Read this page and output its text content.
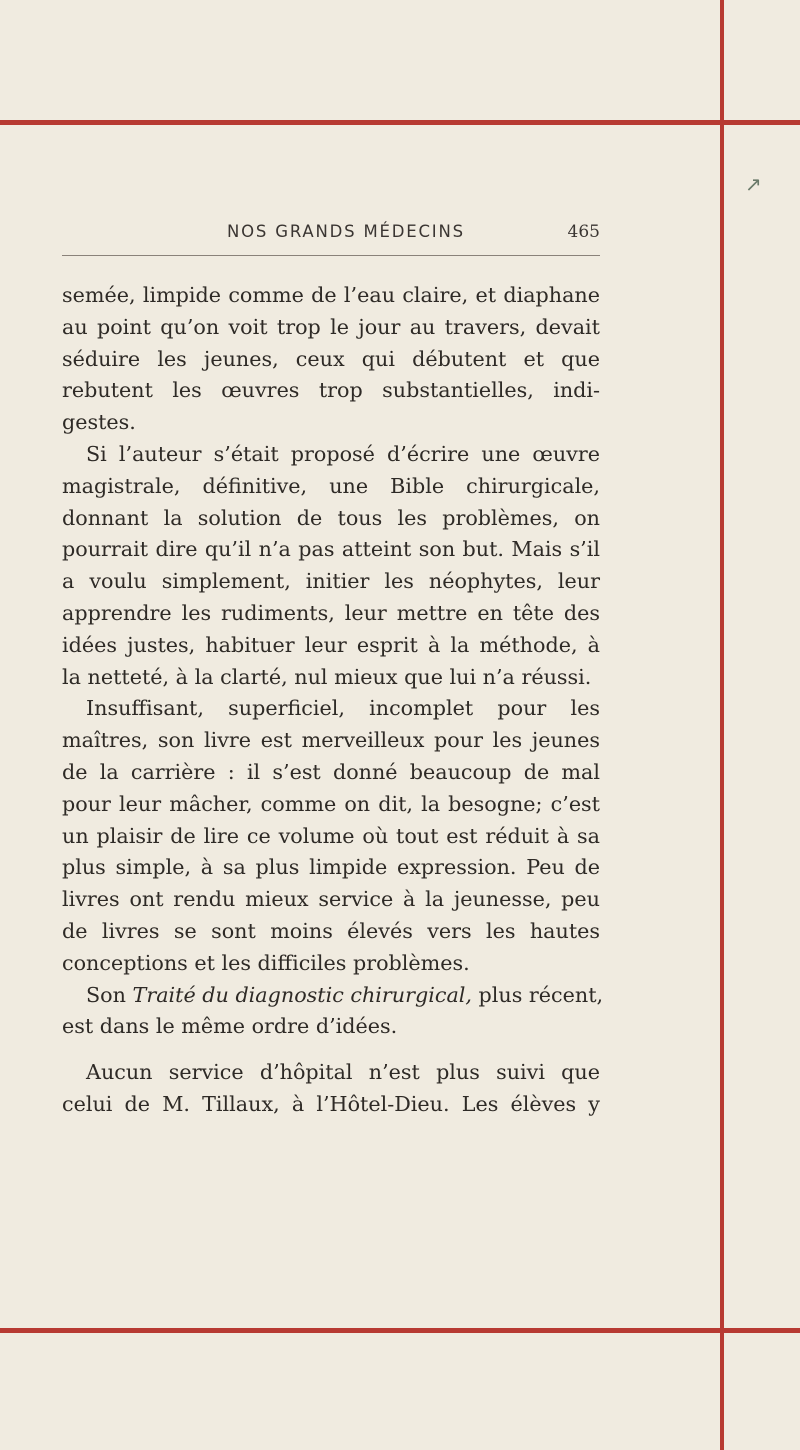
↗
NOS GRANDS MÉDECINS	465
semée, limpide comme de l’eau claire, et diaphane
au point qu’on voit trop le jour au travers, devait
séduire les jeunes, ceux qui débutent et que
rebutent les œuvres trop substantielles, indi-
gestes.
Si l’auteur s’était proposé d’écrire une œuvre
magistrale, définitive, une Bible chirurgicale,
donnant la solution de tous les problèmes, on
pourrait dire qu’il n’a pas atteint son but. Mais s’il
a voulu simplement, initier les néophytes, leur
apprendre les rudiments, leur mettre en tête des
idées justes, habituer leur esprit à la méthode, à
la netteté, à la clarté, nul mieux que lui n’a réussi.
Insuffisant, superficiel, incomplet pour les
maîtres, son livre est merveilleux pour les jeunes
de la carrière : il s’est donné beaucoup de mal
pour leur mâcher, comme on dit, la besogne; c’est
un plaisir de lire ce volume où tout est réduit à sa
plus simple, à sa plus limpide expression. Peu de
livres ont rendu mieux service à la jeunesse, peu
de livres se sont moins élevés vers les hautes
conceptions et les difficiles problèmes.
Son Traité du diagnostic chirurgical, plus récent,
est dans le même ordre d’idées.
Aucun service d’hôpital n’est plus suivi que
celui de M. Tillaux, à l’Hôtel-Dieu. Les élèves y
